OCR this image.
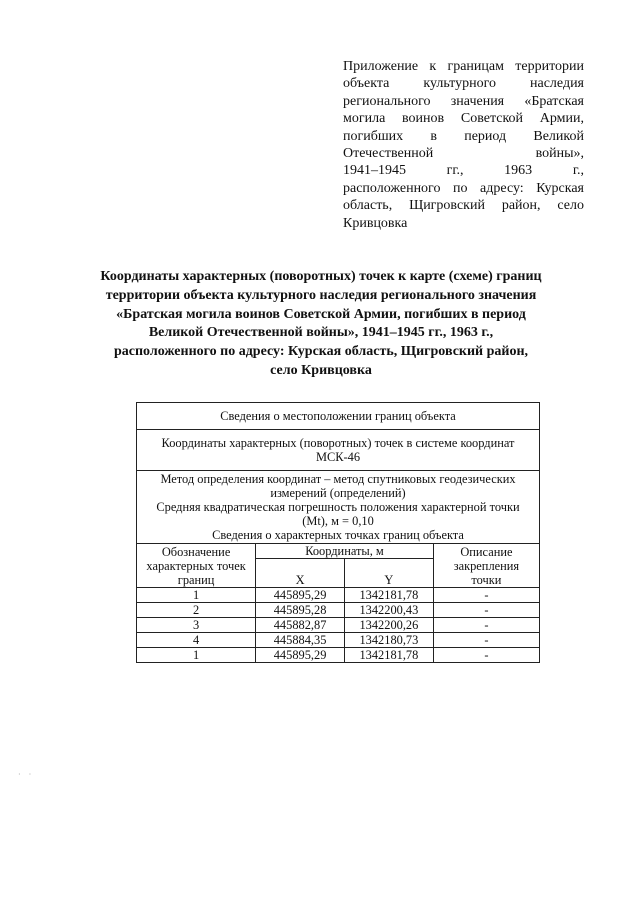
Приложение к границам территории
объекта культурного наследия
регионального значения «Братская
могила воинов Советской Армии,
погибших в период Великой
Отечественной войны»,
1941–1945 гг., 1963 г.,
расположенного по адресу: Курская
область, Щигровский район, село
Кривцовка
Координаты характерных (поворотных) точек к карте (схеме) границ
территории объекта культурного наследия регионального значения
«Братская могила воинов Советской Армии, погибших в период
Великой Отечественной войны», 1941–1945 гг., 1963 г.,
расположенного по адресу: Курская область, Щигровский район,
село Кривцовка
Сведения о местоположении границ объекта			

Координаты характерных (поворотных) точек в системе координат
МСК-46			

Метод определения координат – метод спутниковых геодезических
измерений (определений)
Средняя квадратическая погрешность положения характерной точки
(Mt), м = 0,10
Сведения о характерных точках границ объекта			

Обозначение
характерных точек
границ	Координаты, м		Описание
закрепления
точки

	X	Y	
1	445895,29	1342181,78	-
2	445895,28	1342200,43	-
3	445882,87	1342200,26	-
4	445884,35	1342180,73	-
1	445895,29	1342181,78	-
· ·
